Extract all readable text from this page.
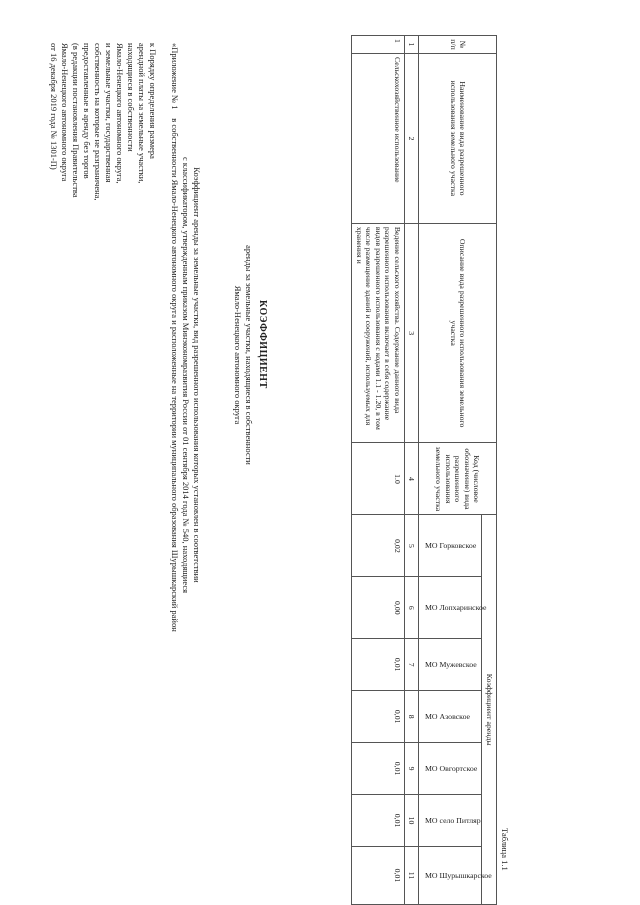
«Приложение № 1

к Порядку определения размера
арендной платы за земельные участки,
находящиеся в собственности
Ямало-Ненецкого автономного округа,
и земельные участки, государственная
собственность на которые не разграничена,
предоставленные в аренду без торгов
(в редакции постановления Правительства
Ямало-Ненецкого автономного округа
от 16 декабря 2019 года № 1301-П)
КОЭФФИЦИЕНТ
аренды за земельные участки, находящиеся в собственности
Ямало-Ненецкого автономного округа
Коэффициент аренды за земельные участки, вид разрешенного использования которых установлен в соответствии
с классификатором, утвержденным приказом Минэкономразвития России от 01 сентября 2014 года № 540, находящиеся
в собственности Ямало-Ненецкого автономного округа и расположенные на территории муниципального образования Шурышкарский район
Таблица 1.1
№ п/п	Наименование вида разрешенного использования земельного участка	Описание вида разрешенного использования земельного участка	Код (числовое обозначение) вида разрешенного использования земельного участка	Коэффициент аренды						

				МО Горковское	МО Лопхаринское	МО Мужевское	МО Азовское	МО Овгортское	МО село Питляр	МО Шурышкарское

1	2	3	4	5	6	7	8	9	10	11
1	Сельскохозяйственное использование	Ведение сельского хозяйства. Содержание данного вида разрешенного использования включает в себя содержание видов разрешенного использования с кодами 1.1 - 1.20, в том числе размещение зданий и сооружений, используемых для хранения и	1.0	0,02	0,00	0,01	0,01	0,01	0,01	0,01
